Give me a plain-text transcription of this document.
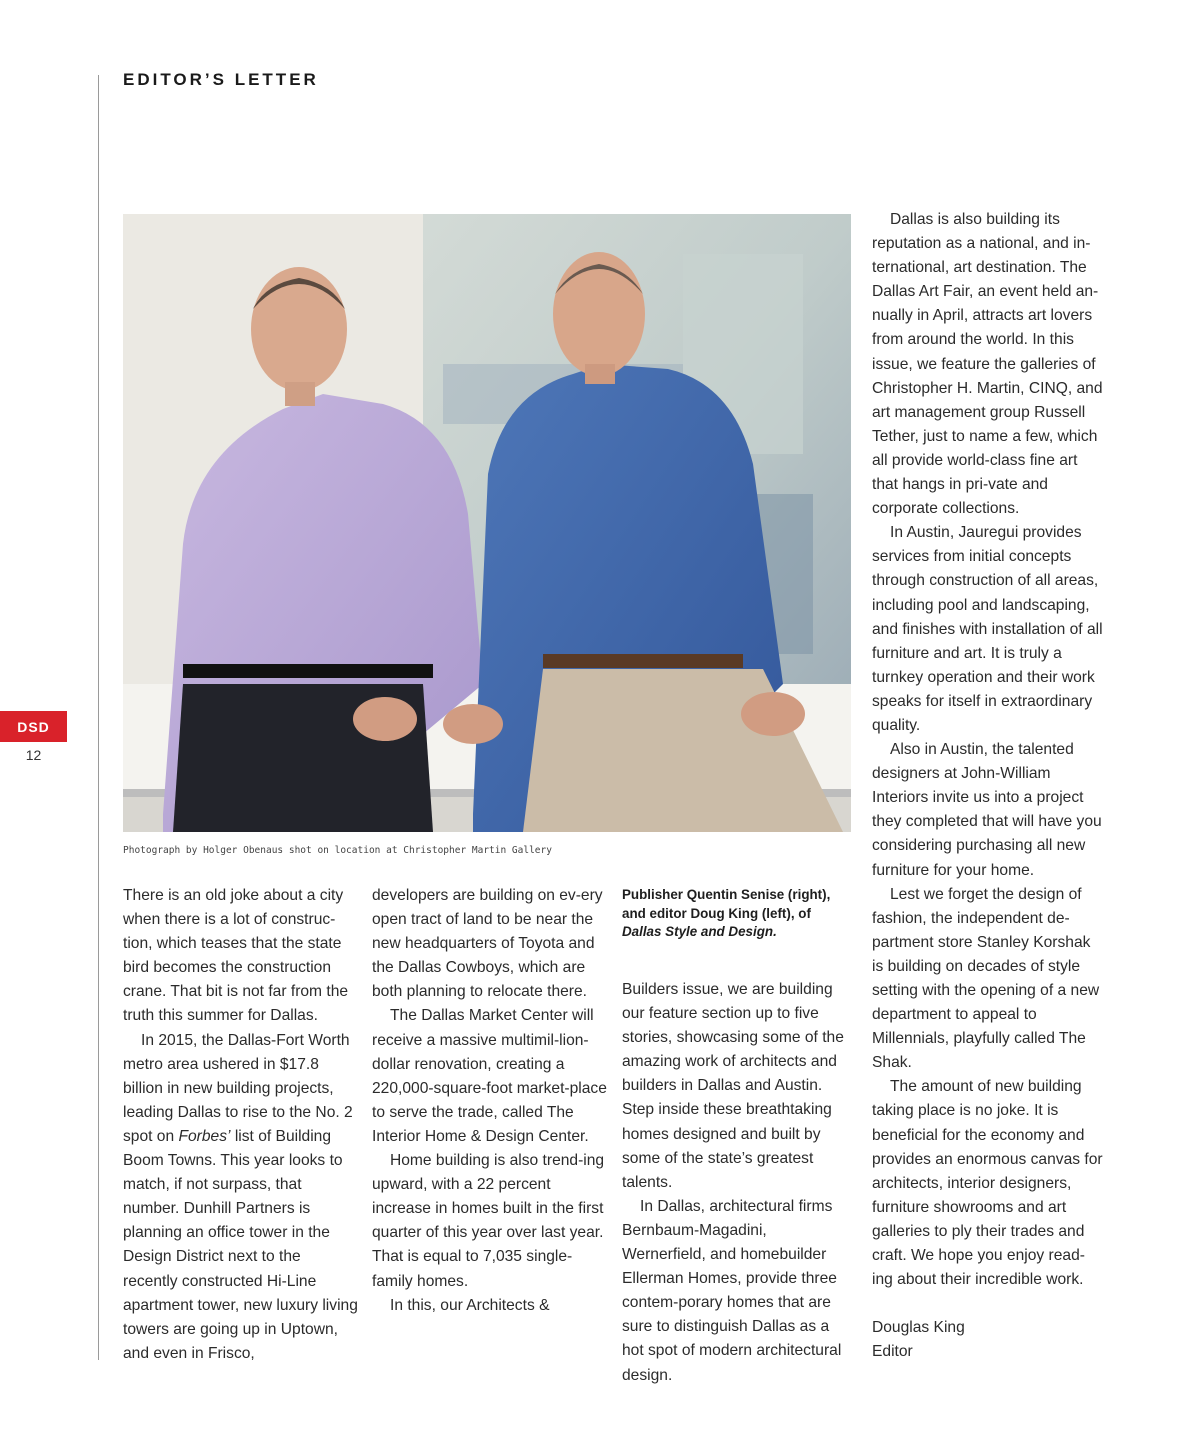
EDITOR’S LETTER
DSD
12

Photograph by Holger Obenaus shot on location at Christopher Martin Gallery

There is an old joke about a city when there is a lot of construc-tion, which teases that the state bird becomes the construction crane. That bit is not far from the truth this summer for Dallas.

In 2015, the Dallas-Fort Worth metro area ushered in $17.8 billion in new building projects, leading Dallas to rise to the No. 2 spot on Forbes’ list of Building Boom Towns. This year looks to match, if not surpass, that number. Dunhill Partners is planning an office tower in the Design District next to the recently constructed Hi-Line apartment tower, new luxury living towers are going up in Uptown, and even in Frisco,

developers are building on ev-ery open tract of land to be near the new headquarters of Toyota and the Dallas Cowboys, which are both planning to relocate there.

The Dallas Market Center will receive a massive multimil-lion-dollar renovation, creating a 220,000-square-foot market-place to serve the trade, called The Interior Home & Design Center.

Home building is also trend-ing upward, with a 22 percent increase in homes built in the first quarter of this year over last year. That is equal to 7,035 single-family homes.

In this, our Architects &

Publisher Quentin Senise (right), and editor Doug King (left), of Dallas Style and Design.

Builders issue, we are building our feature section up to five stories, showcasing some of the amazing work of architects and builders in Dallas and Austin. Step inside these breathtaking homes designed and built by some of the state’s greatest talents.

In Dallas, architectural firms Bernbaum-Magadini, Wernerfield, and homebuilder Ellerman Homes, provide three contem-porary homes that are sure to distinguish Dallas as a hot spot of modern architectural design.

Dallas is also building its reputation as a national, and in-ternational, art destination. The Dallas Art Fair, an event held an-nually in April, attracts art lovers from around the world. In this issue, we feature the galleries of Christopher H. Martin, CINQ, and art management group Russell Tether, just to name a few, which all provide world-class fine art that hangs in pri-vate and corporate collections.

In Austin, Jauregui provides services from initial concepts through construction of all areas, including pool and landscaping, and finishes with installation of all furniture and art. It is truly a turnkey operation and their work speaks for itself in extraordinary quality.

Also in Austin, the talented designers at John-William Interiors invite us into a project they completed that will have you considering purchasing all new furniture for your home.

Lest we forget the design of fashion, the independent de-partment store Stanley Korshak is building on decades of style setting with the opening of a new department to appeal to Millennials, playfully called The Shak.

The amount of new building taking place is no joke. It is beneficial for the economy and provides an enormous canvas for architects, interior designers, furniture showrooms and art galleries to ply their trades and craft. We hope you enjoy read-ing about their incredible work.

Douglas King

Editor
